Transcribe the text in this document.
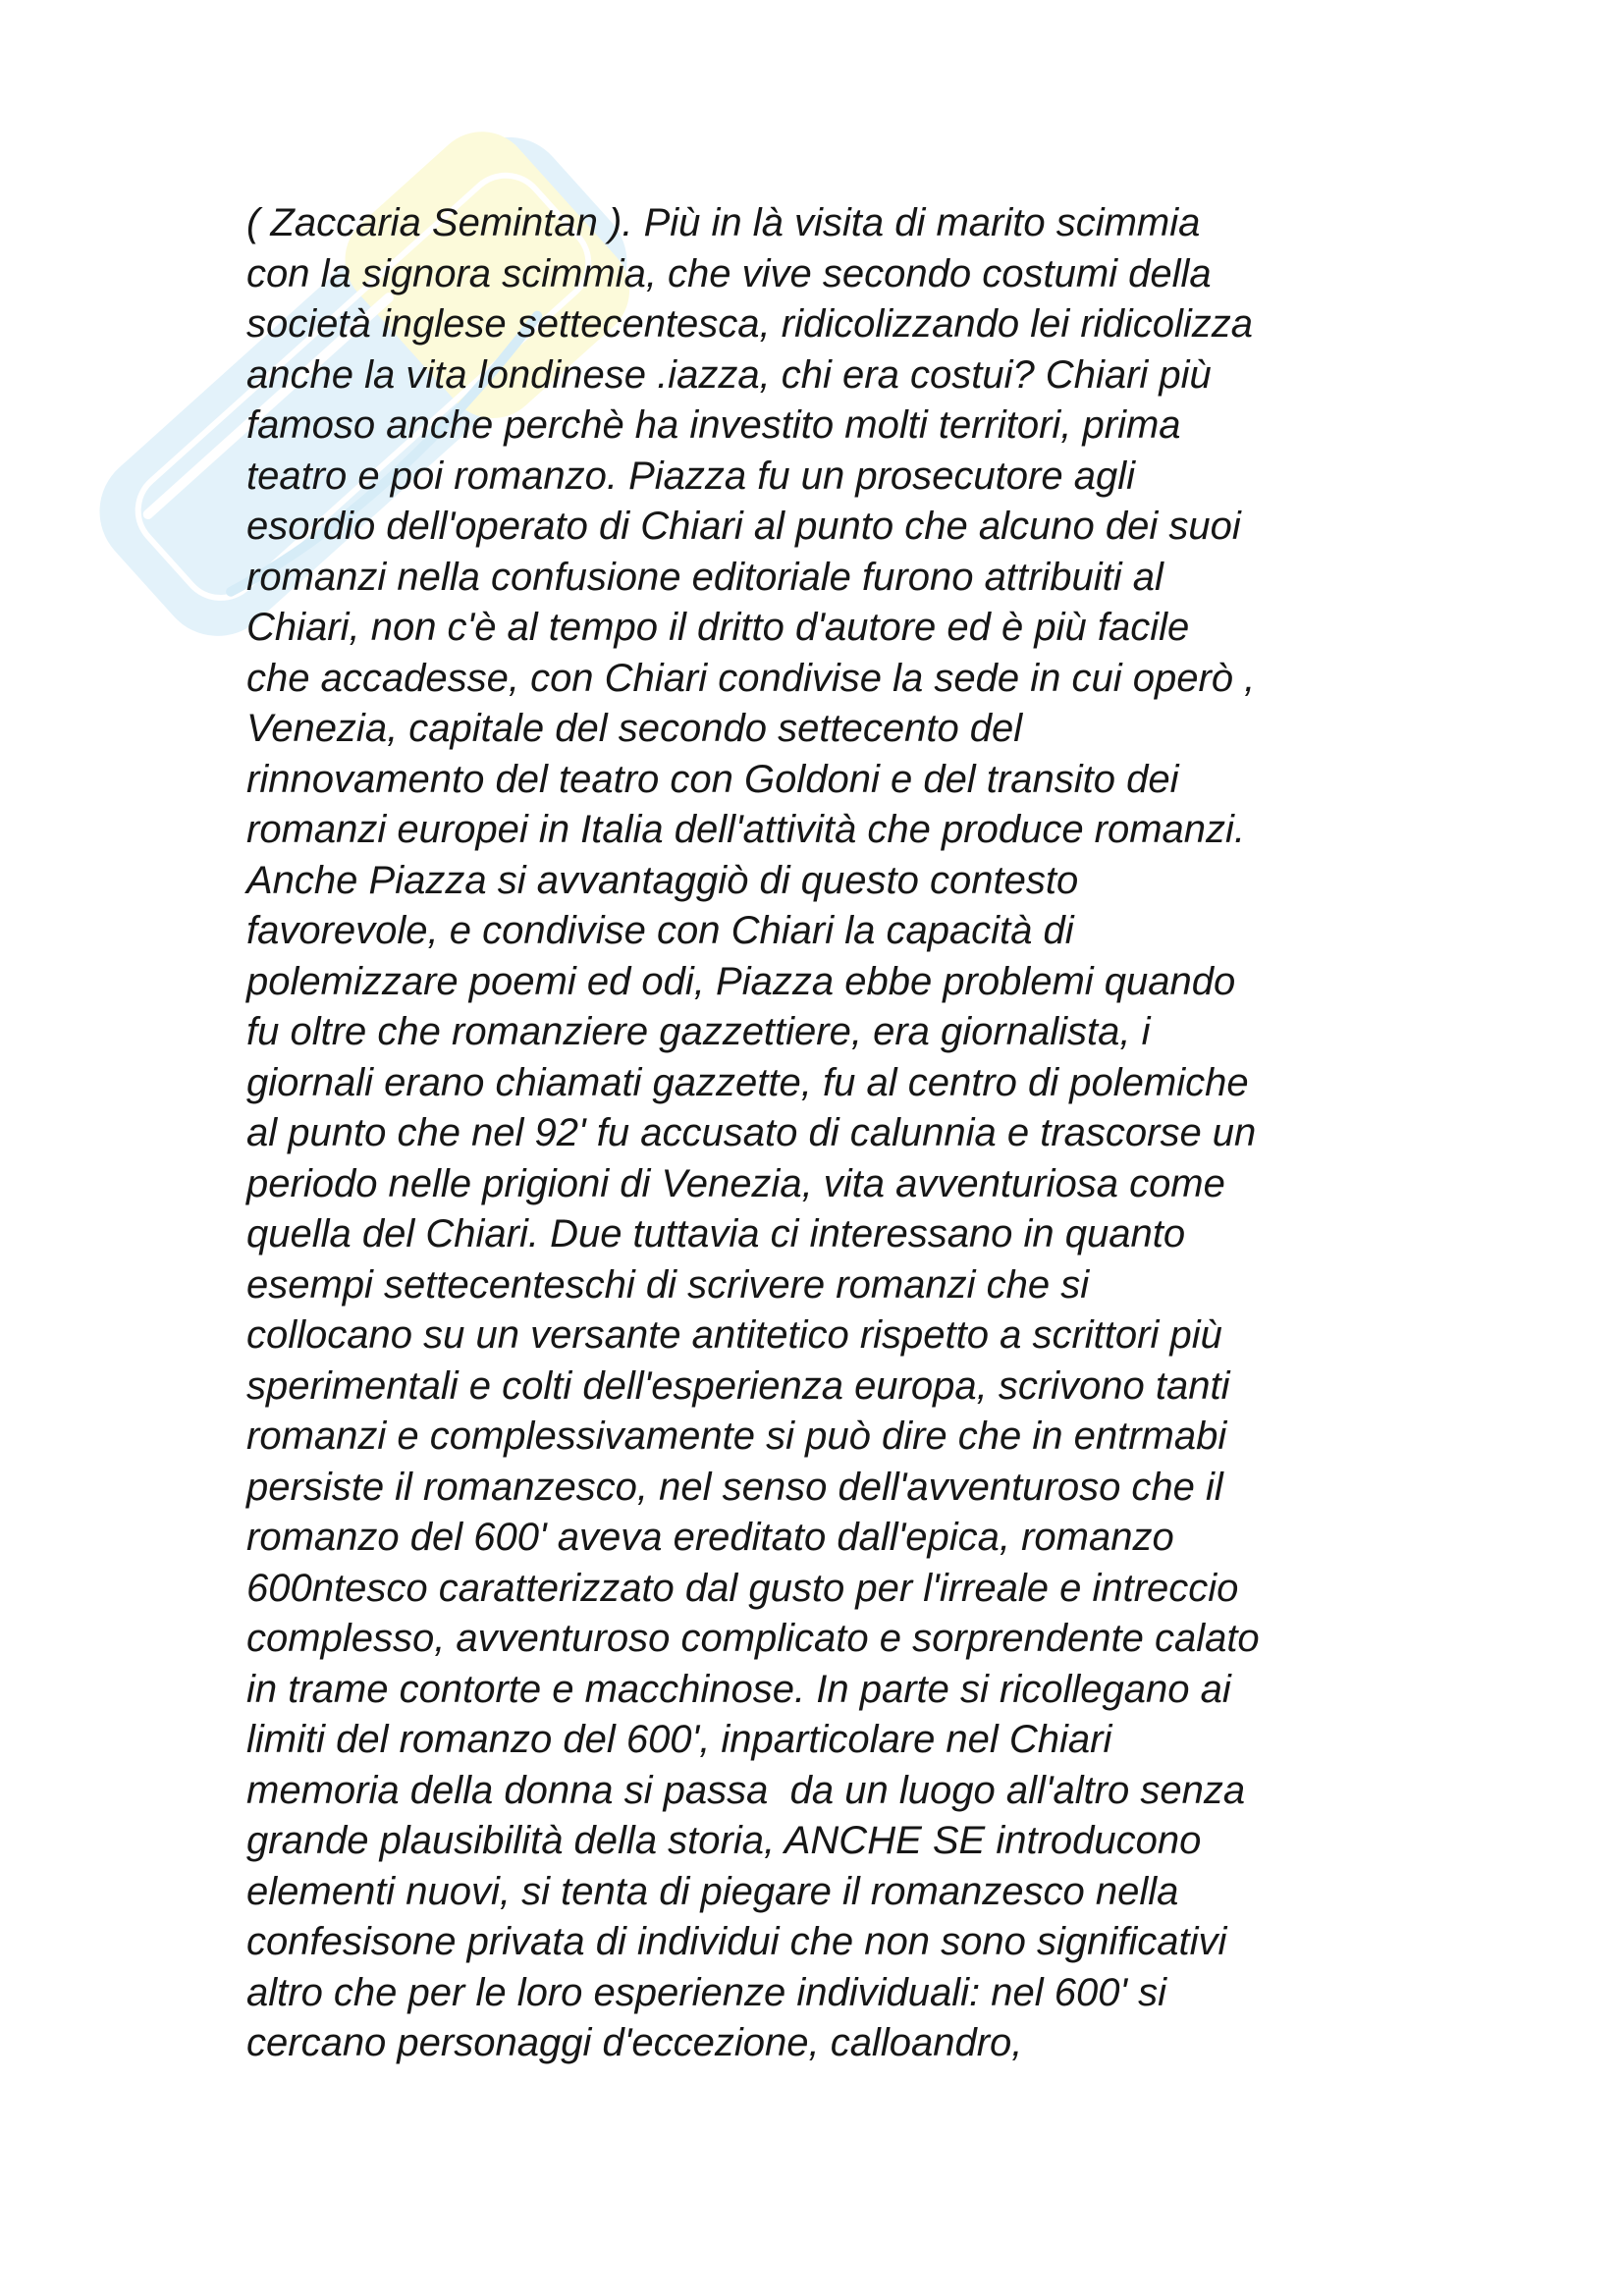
( Zaccaria Semintan ). Più in là visita di marito scimmia
con la signora scimmia, che vive secondo costumi della
società inglese settecentesca, ridicolizzando lei ridicolizza
anche la vita londinese .iazza, chi era costui? Chiari più
famoso anche perchè ha investito molti territori, prima
teatro e poi romanzo. Piazza fu un prosecutore agli
esordio dell'operato di Chiari al punto che alcuno dei suoi
romanzi nella confusione editoriale furono attribuiti al
Chiari, non c'è al tempo il dritto d'autore ed è più facile
che accadesse, con Chiari condivise la sede in cui operò ,
Venezia, capitale del secondo settecento del
rinnovamento del teatro con Goldoni e del transito dei
romanzi europei in Italia dell'attività che produce romanzi.
Anche Piazza si avvantaggiò di questo contesto
favorevole, e condivise con Chiari la capacità di
polemizzare poemi ed odi, Piazza ebbe problemi quando
fu oltre che romanziere gazzettiere, era giornalista, i
giornali erano chiamati gazzette, fu al centro di polemiche
al punto che nel 92' fu accusato di calunnia e trascorse un
periodo nelle prigioni di Venezia, vita avventuriosa come
quella del Chiari. Due tuttavia ci interessano in quanto
esempi settecenteschi di scrivere romanzi che si
collocano su un versante antitetico rispetto a scrittori più
sperimentali e colti dell'esperienza europa, scrivono tanti
romanzi e complessivamente si può dire che in entrmabi
persiste il romanzesco, nel senso dell'avventuroso che il
romanzo del 600' aveva ereditato dall'epica, romanzo
600ntesco caratterizzato dal gusto per l'irreale e intreccio
complesso, avventuroso complicato e sorprendente calato
in trame contorte e macchinose. In parte si ricollegano ai
limiti del romanzo del 600', inparticolare nel Chiari
memoria della donna si passa  da un luogo all'altro senza
grande plausibilità della storia, ANCHE SE introducono
elementi nuovi, si tenta di piegare il romanzesco nella
confesisone privata di individui che non sono significativi
altro che per le loro esperienze individuali: nel 600' si
cercano personaggi d'eccezione, calloandro,
